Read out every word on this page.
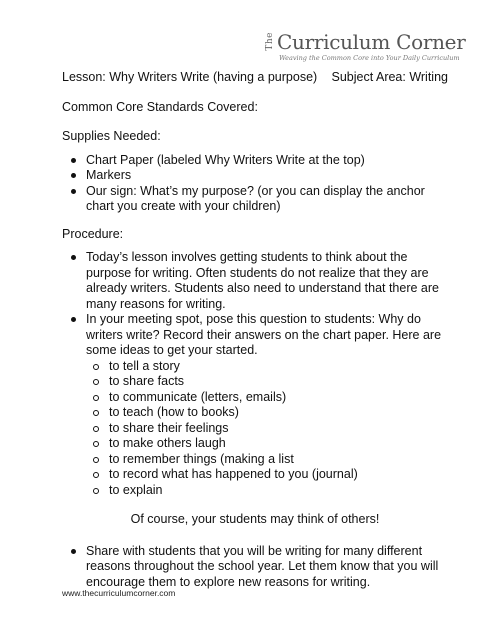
The Curriculum Corner
Weaving the Common Core into Your Daily Curriculum
Lesson: Why Writers Write (having a purpose) Subject Area: Writing
Common Core Standards Covered:
Supplies Needed:
Chart Paper (labeled Why Writers Write at the top)
Markers
Our sign: What’s my purpose? (or you can display the anchor chart you create with your children)
Procedure:
Today’s lesson involves getting students to think about the purpose for writing. Often students do not realize that they are already writers. Students also need to understand that there are many reasons for writing.
In your meeting spot, pose this question to students: Why do writers write? Record their answers on the chart paper. Here are some ideas to get your started.
to tell a story
to share facts
to communicate (letters, emails)
to teach (how to books)
to share their feelings
to make others laugh
to remember things (making a list
to record what has happened to you (journal)
to explain
Of course, your students may think of others!
Share with students that you will be writing for many different reasons throughout the school year. Let them know that you will encourage them to explore new reasons for writing.
www.thecurriculumcorner.com
